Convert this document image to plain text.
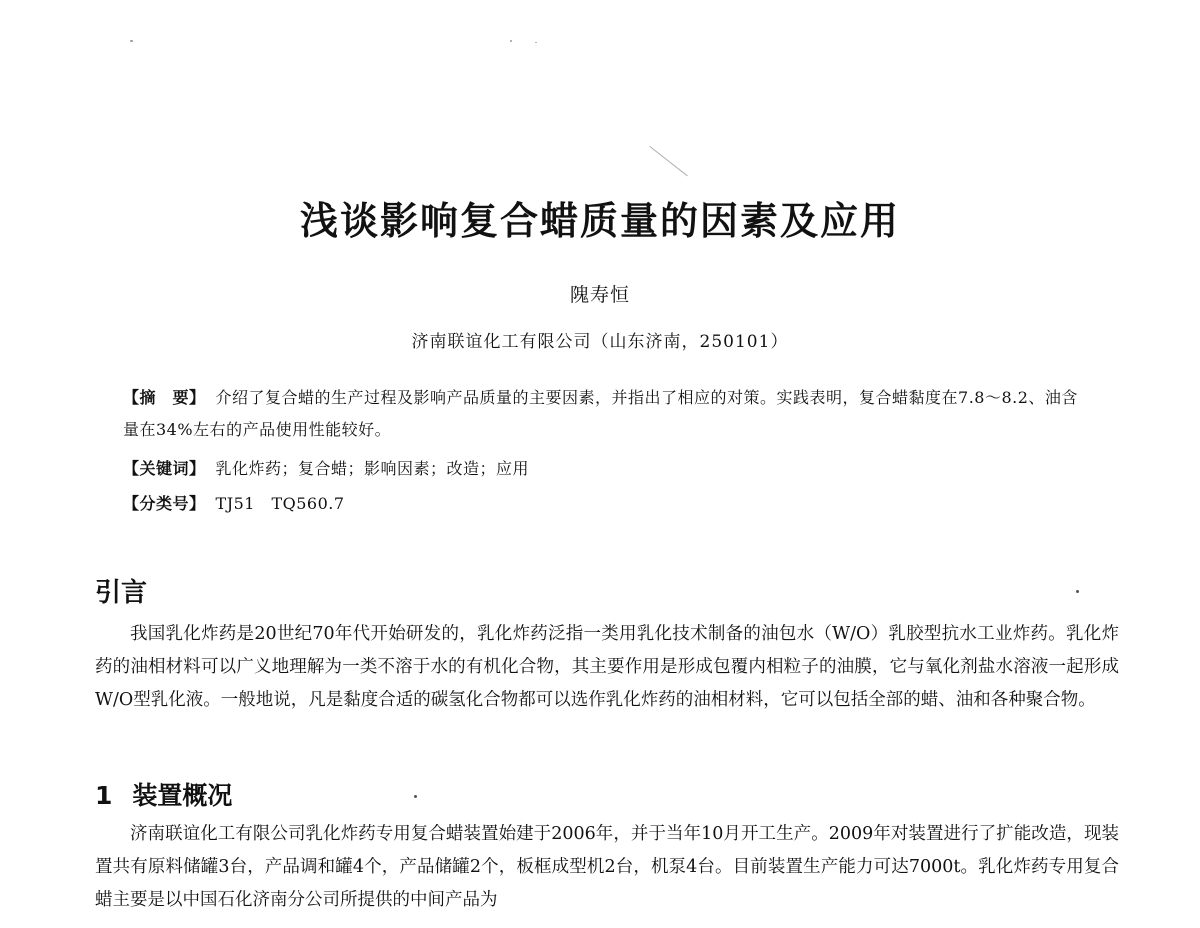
浅谈影响复合蜡质量的因素及应用
隗寿恒
济南联谊化工有限公司（山东济南，250101）
【摘　要】 介绍了复合蜡的生产过程及影响产品质量的主要因素，并指出了相应的对策。实践表明，复合蜡黏度在7.8～8.2、油含量在34%左右的产品使用性能较好。
【关键词】 乳化炸药；复合蜡；影响因素；改造；应用
【分类号】 TJ51　TQ560.7
引言
我国乳化炸药是20世纪70年代开始研发的，乳化炸药泛指一类用乳化技术制备的油包水（W/O）乳胶型抗水工业炸药。乳化炸药的油相材料可以广义地理解为一类不溶于水的有机化合物，其主要作用是形成包覆内相粒子的油膜，它与氧化剂盐水溶液一起形成W/O型乳化液。一般地说，凡是黏度合适的碳氢化合物都可以选作乳化炸药的油相材料，它可以包括全部的蜡、油和各种聚合物。
1 装置概况
济南联谊化工有限公司乳化炸药专用复合蜡装置始建于2006年，并于当年10月开工生产。2009年对装置进行了扩能改造，现装置共有原料储罐3台，产品调和罐4个，产品储罐2个，板框成型机2台，机泵4台。目前装置生产能力可达7000t。乳化炸药专用复合蜡主要是以中国石化济南分公司所提供的中间产品为
